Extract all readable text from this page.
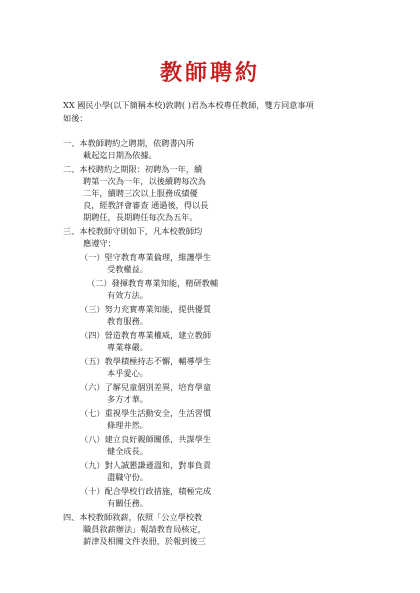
教師聘約
XX 國民小學(以下簡稱本校)敦聘( )君為本校專任教師，雙方同意事項
如後：
一、本教師聘約之聘期，依聘書內所
載起迄日期為依據。
二、本校聘約之期限：初聘為一年，續
聘第一次為一年，以後續聘每次為
二年，續聘三次以上服務成績優
良，經教評會審查 通過後，得以長
期聘任，長期聘任每次為五年。
三、本校教師守則如下，凡本校教師均
應遵守：
（一）堅守教育專業倫理，維護學生
受教權益。
（二）發揮教育專業知能，精研教輔
有效方法。
（三）努力充實專業知能，提供優質
教育服務。
（四）營造教育專業權威，建立教師
專業尊嚴。
（五）教學積極持志不懈，輔導學生
本乎愛心。
（六）了解兒童個別差異，培育學童
多方才華。
（七）重視學生活動安全，生活習慣
條理井然。
（八）建立良好親師關係，共謀學生
健全成長。
（九）對人誠懇謙遜溫和，對事負責
盡職守份。
（十）配合學校行政措施，積極完成
有關任務。
四、本校教師敘薪，依照「公立學校教
職員敘薪辦法」報請教育局核定，
薪津及相關文件表冊，於報到後三
